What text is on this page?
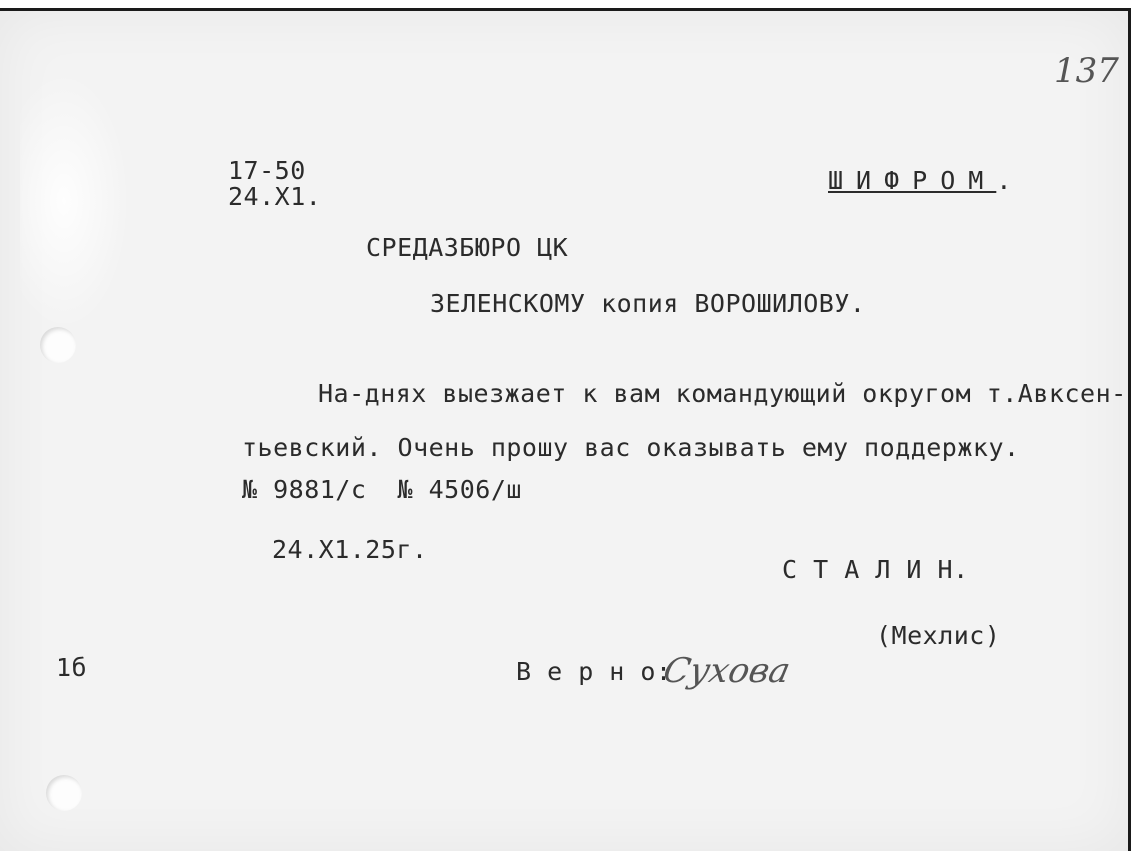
137
17-50
24.X1.
ШИФРОМ.
СРЕДАЗБЮРО ЦК
ЗЕЛЕНСКОМУ копия ВОРОШИЛОВУ.
На-днях выезжает к вам командующий округом т.Авксен-
тьевский. Очень прошу вас оказывать ему поддержку.
№ 9881/с  № 4506/ш
24.X1.25г.
С Т А Л И Н.
(Мехлис)
1б	В е р н о:
Сухова
